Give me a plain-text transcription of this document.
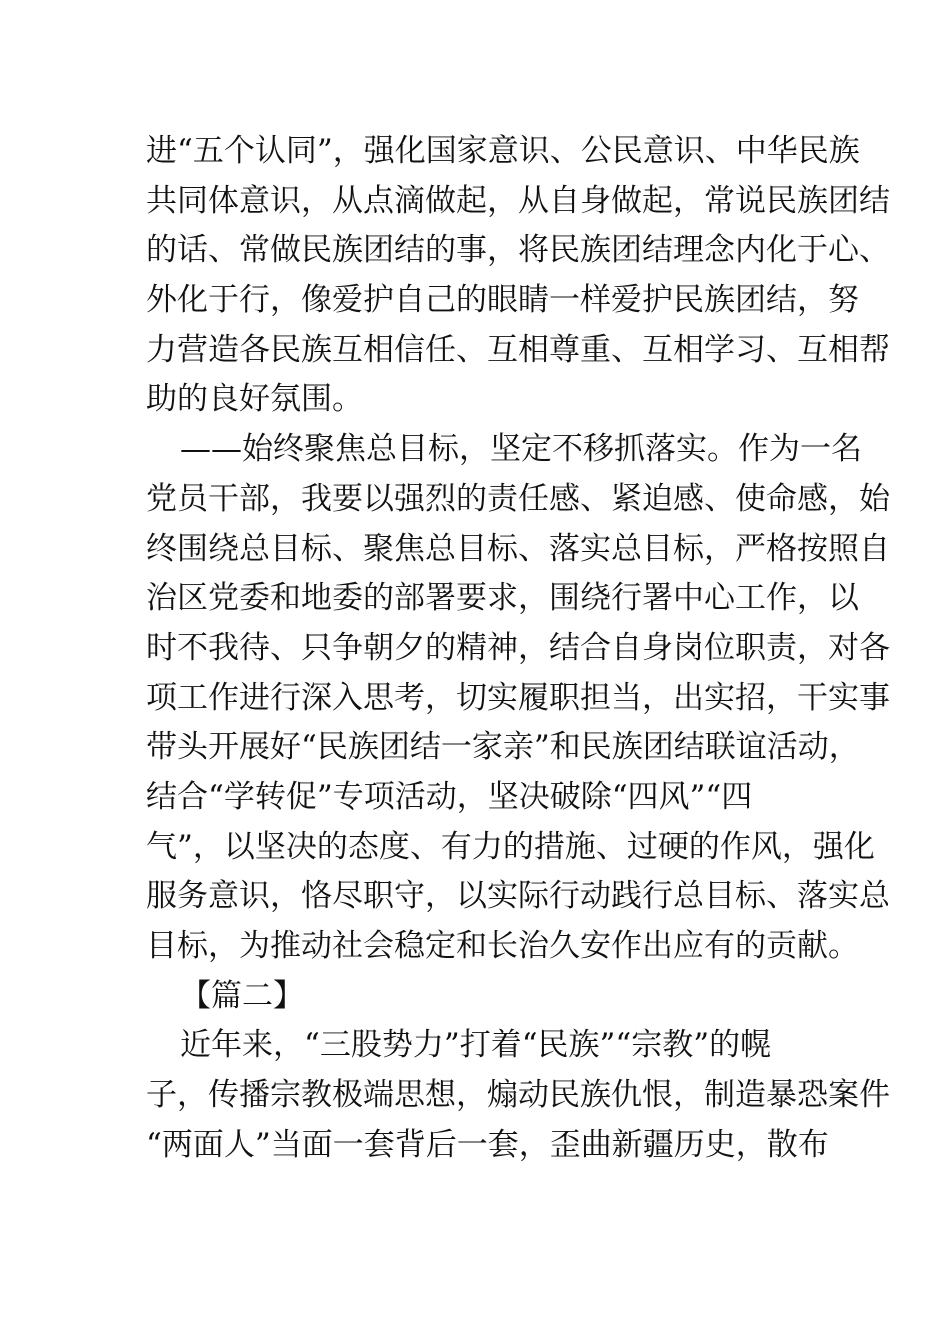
进“五个认同”，强化国家意识、公民意识、中华民族
共同体意识，从点滴做起，从自身做起，常说民族团结
的话、常做民族团结的事，将民族团结理念内化于心、
外化于行，像爱护自己的眼睛一样爱护民族团结，努
力营造各民族互相信任、互相尊重、互相学习、互相帮
助的良好氛围。
——始终聚焦总目标，坚定不移抓落实。作为一名
党员干部，我要以强烈的责任感、紧迫感、使命感，始
终围绕总目标、聚焦总目标、落实总目标，严格按照自
治区党委和地委的部署要求，围绕行署中心工作，以
时不我待、只争朝夕的精神，结合自身岗位职责，对各
项工作进行深入思考，切实履职担当，出实招，干实事
带头开展好“民族团结一家亲”和民族团结联谊活动，
结合“学转促”专项活动，坚决破除“四风”“四
气”，以坚决的态度、有力的措施、过硬的作风，强化
服务意识，恪尽职守，以实际行动践行总目标、落实总
目标，为推动社会稳定和长治久安作出应有的贡献。
【篇二】
近年来，“三股势力”打着“民族”“宗教”的幌
子，传播宗教极端思想，煽动民族仇恨，制造暴恐案件
“两面人”当面一套背后一套，歪曲新疆历史，散布
